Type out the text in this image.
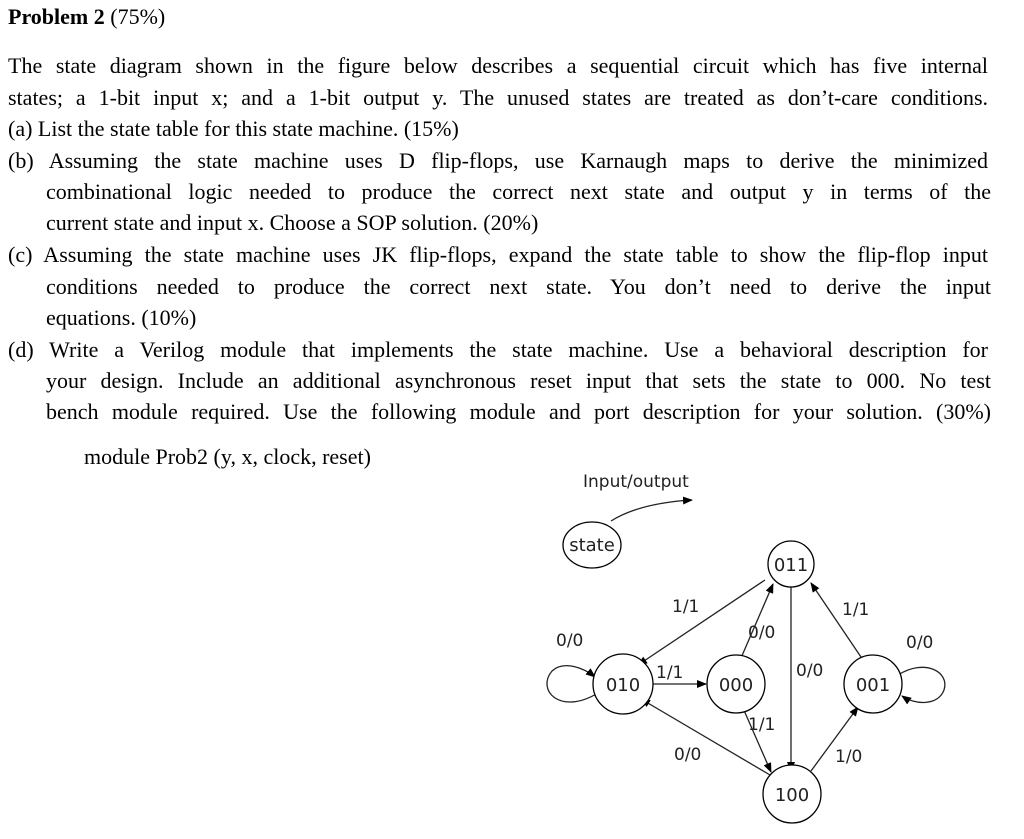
Problem 2 (75%)
The state diagram shown in the figure below describes a sequential circuit which has five internal
states; a 1-bit input x; and a 1-bit output y. The unused states are treated as don’t-care conditions.
(a) List the state table for this state machine. (15%)
(b) Assuming the state machine uses D flip-flops, use Karnaugh maps to derive the minimized
combinational logic needed to produce the correct next state and output y in terms of the
current state and input x. Choose a SOP solution. (20%)
(c) Assuming the state machine uses JK flip-flops, expand the state table to show the flip-flop input
conditions needed to produce the correct next state. You don’t need to derive the input
equations. (10%)
(d) Write a Verilog module that implements the state machine. Use a behavioral description for
your design. Include an additional asynchronous reset input that sets the state to 000. No test
bench module required. Use the following module and port description for your solution. (30%)
module Prob2 (y, x, clock, reset)
Input/output
state
011
010	000	001
100
1/1
0/0
1/1
0/0
0/0
1/1
0/0
1/1
0/0	1/0
